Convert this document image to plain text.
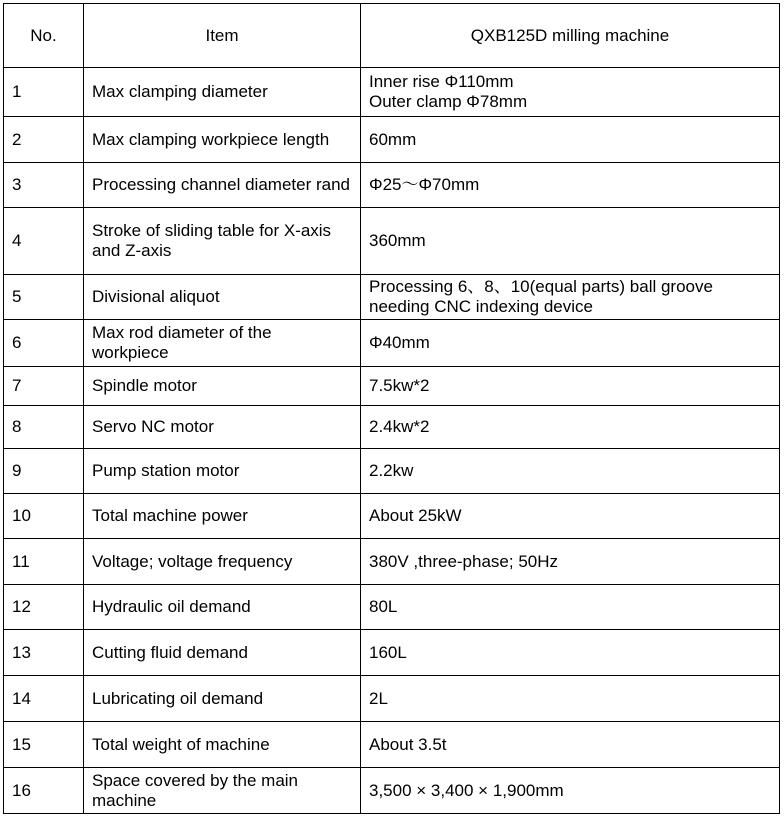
No.	Item	QXB125D milling machine
1	Max clamping diameter	Inner rise Φ110mm
Outer clamp Φ78mm

2	Max clamping workpiece length	60mm

3	Processing channel diameter rand	Φ25～Φ70mm

4	Stroke of sliding table for X-axis and Z-axis	360mm

5	Divisional aliquot	Processing 6、8、10(equal parts) ball groove needing CNC indexing device

6	Max rod diameter of the workpiece	Φ40mm

7	Spindle motor	7.5kw*2

8	Servo NC motor	2.4kw*2

9	Pump station motor	2.2kw

10	Total machine power	About 25kW

11	Voltage; voltage frequency	380V ,three-phase; 50Hz

12	Hydraulic oil demand	80L

13	Cutting fluid demand	160L

14	Lubricating oil demand	2L

15	Total weight of machine	About 3.5t

16	Space covered by the main machine	3,500 × 3,400 × 1,900mm
